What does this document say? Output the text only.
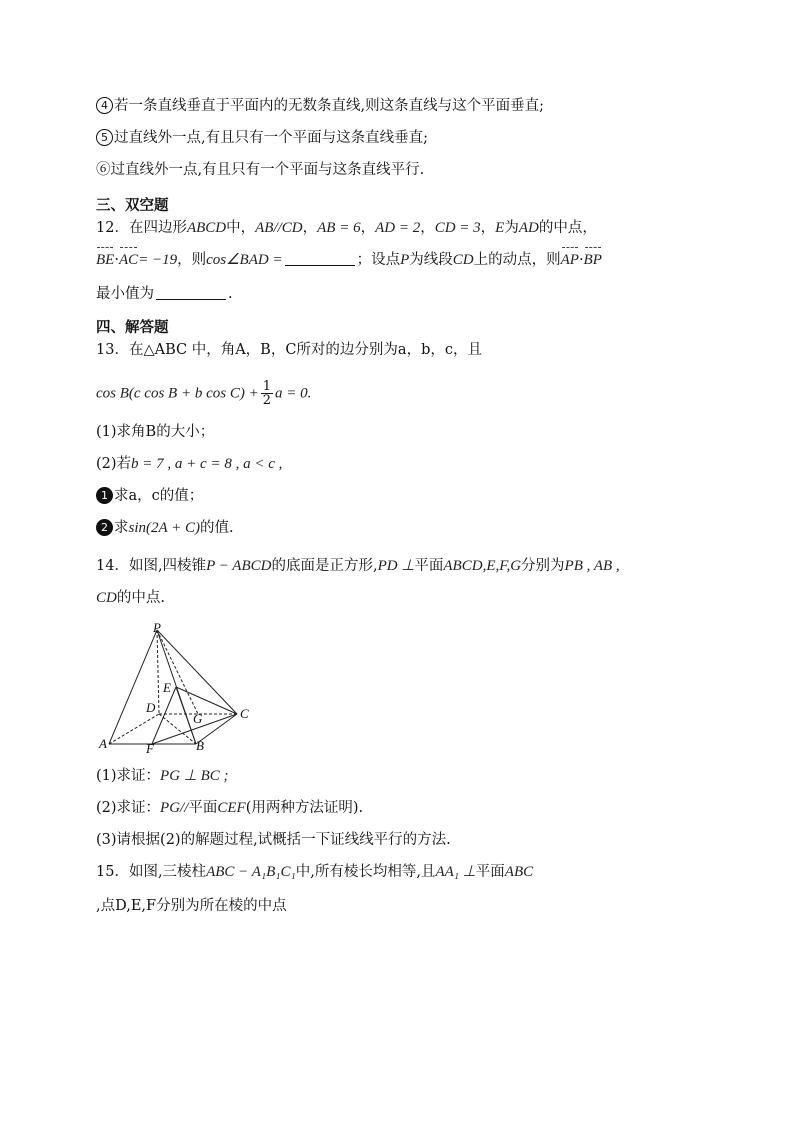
4 若一条直线垂直于平面内的无数条直线,则这条直线与这个平面垂直;
5 过直线外一点,有且只有一个平面与这条直线垂直;
⑥过直线外一点,有且只有一个平面与这条直线平行.
三、双空题
12．在四边形ABCD中，AB//CD，AB = 6，AD = 2，CD = 3，E为AD的中点，
BE·AC= −19，则cos∠BAD =	；设点P为线段CD上的动点，则AP·BP
最小值为	.
四、解答题
13．在△ABC 中，角A，B，C所对的边分别为a，b，c，且
cos B(c cos B + b $\cos C) + \frac{1}{2}$ a = 0.
(1)求角B的大小；
(2)若b = 7 , a + c = 8 , a < c ,
1 求a，c的值；
2 求sin(2A + C)的值.
14．如图,四棱锥P − ABCD的底面是正方形,PD ⊥平面ABCD,E,F,G分别为PB , AB ,
CD的中点.
P
A	B
C
D
E
F
G
(1)求证：PG ⊥ BC ;
(2)求证：PG//平面CEF(用两种方法证明).
(3)请根据(2)的解题过程,试概括一下证线线平行的方法.
15．如图,三棱柱ABC − A₁B₁C₁中,所有棱长均相等,且AA₁ ⊥平面ABC
,点D,E,F分别为所在棱的中点
